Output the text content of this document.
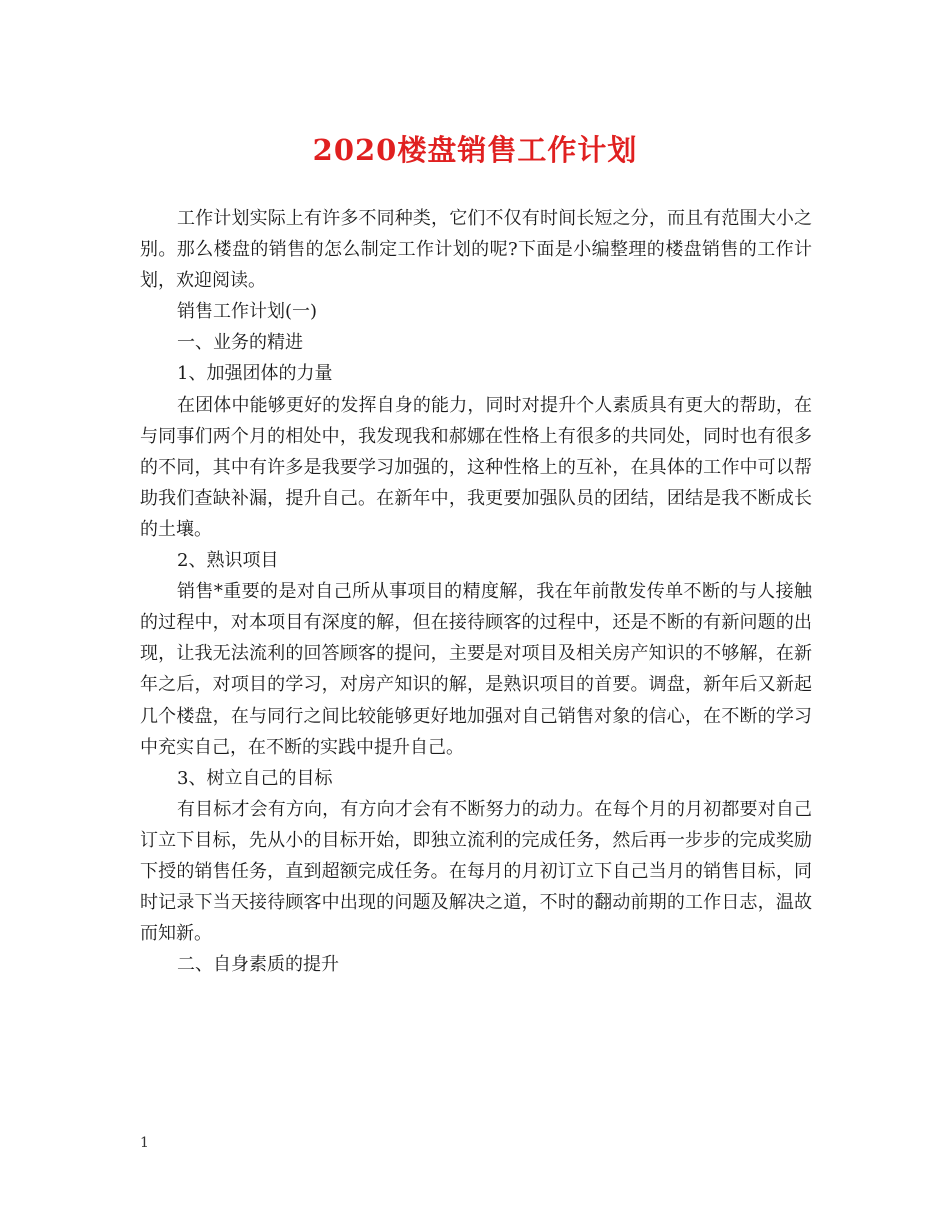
2020楼盘销售工作计划

工作计划实际上有许多不同种类，它们不仅有时间长短之分，而且有范围大小之别。那么楼盘的销售的怎么制定工作计划的呢?下面是小编整理的楼盘销售的工作计划，欢迎阅读。

销售工作计划(一)

一、业务的精进

1、加强团体的力量

在团体中能够更好的发挥自身的能力，同时对提升个人素质具有更大的帮助，在与同事们两个月的相处中，我发现我和郝娜在性格上有很多的共同处，同时也有很多的不同，其中有许多是我要学习加强的，这种性格上的互补，在具体的工作中可以帮助我们查缺补漏，提升自己。在新年中，我更要加强队员的团结，团结是我不断成长的土壤。

2、熟识项目

销售*重要的是对自己所从事项目的精度解，我在年前散发传单不断的与人接触的过程中，对本项目有深度的解，但在接待顾客的过程中，还是不断的有新问题的出现，让我无法流利的回答顾客的提问，主要是对项目及相关房产知识的不够解，在新年之后，对项目的学习，对房产知识的解，是熟识项目的首要。调盘，新年后又新起几个楼盘，在与同行之间比较能够更好地加强对自己销售对象的信心，在不断的学习中充实自己，在不断的实践中提升自己。

3、树立自己的目标

有目标才会有方向，有方向才会有不断努力的动力。在每个月的月初都要对自己订立下目标，先从小的目标开始，即独立流利的完成任务，然后再一步步的完成奖励下授的销售任务，直到超额完成任务。在每月的月初订立下自己当月的销售目标，同时记录下当天接待顾客中出现的问题及解决之道，不时的翻动前期的工作日志，温故而知新。

二、自身素质的提升

1
